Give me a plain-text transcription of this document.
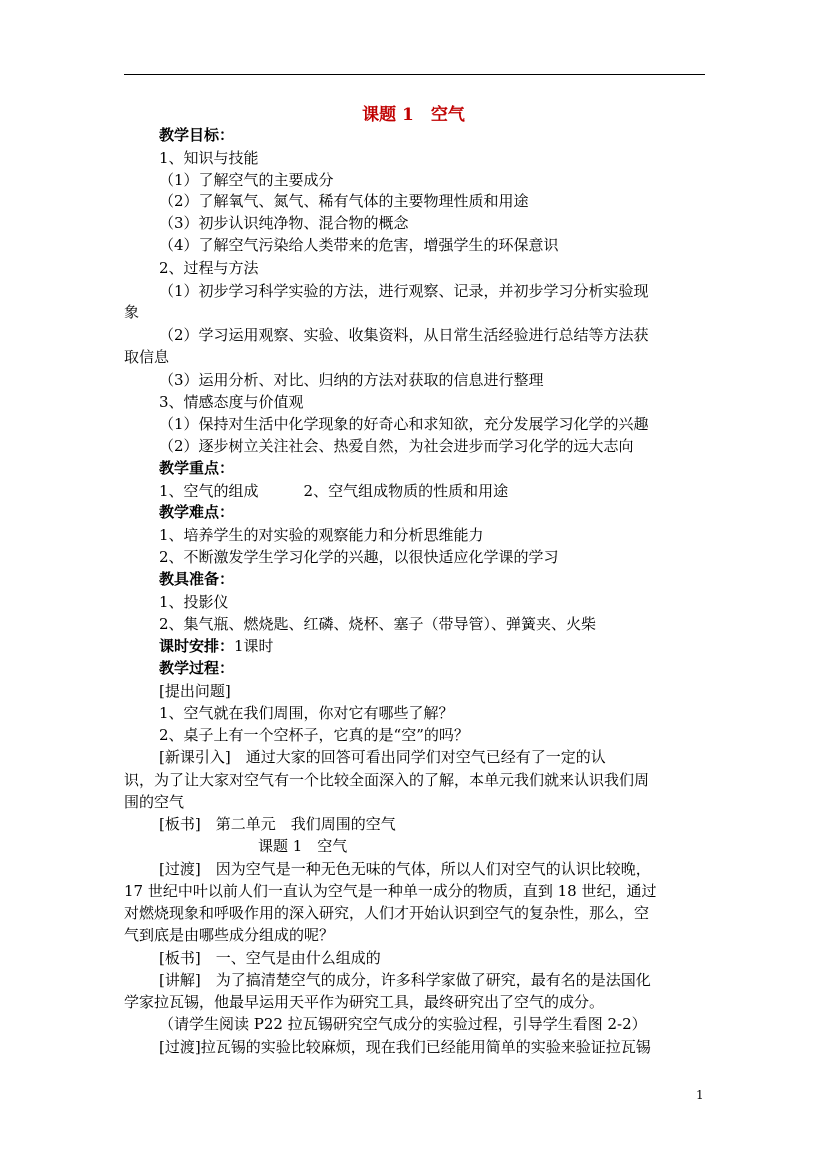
课题 1　空气
教学目标：
1、知识与技能
（1）了解空气的主要成分
（2）了解氧气、氮气、稀有气体的主要物理性质和用途
（3）初步认识纯净物、混合物的概念
（4）了解空气污染给人类带来的危害，增强学生的环保意识
2、过程与方法
（1）初步学习科学实验的方法，进行观察、记录，并初步学习分析实验现
象
（2）学习运用观察、实验、收集资料，从日常生活经验进行总结等方法获
取信息
（3）运用分析、对比、归纳的方法对获取的信息进行整理
3、情感态度与价值观
（1）保持对生活中化学现象的好奇心和求知欲，充分发展学习化学的兴趣
（2）逐步树立关注社会、热爱自然，为社会进步而学习化学的远大志向
教学重点：
1、空气的组成　　　2、空气组成物质的性质和用途
教学难点：
1、培养学生的对实验的观察能力和分析思维能力
2、不断激发学生学习化学的兴趣，以很快适应化学课的学习
教具准备：
1、投影仪
2、集气瓶、燃烧匙、红磷、烧杯、塞子（带导管）、弹簧夹、火柴
课时安排：1课时
教学过程：
[提出问题]
1、空气就在我们周围，你对它有哪些了解？
2、桌子上有一个空杯子，它真的是“空”的吗？
[新课引入]　通过大家的回答可看出同学们对空气已经有了一定的认
识，为了让大家对空气有一个比较全面深入的了解，本单元我们就来认识我们周
围的空气
[板书]　第二单元　我们周围的空气
课题 1　空气
[过渡]　因为空气是一种无色无味的气体，所以人们对空气的认识比较晚，
17 世纪中叶以前人们一直认为空气是一种单一成分的物质，直到 18 世纪，通过
对燃烧现象和呼吸作用的深入研究，人们才开始认识到空气的复杂性，那么，空
气到底是由哪些成分组成的呢？
[板书]　一、空气是由什么组成的
[讲解]　为了搞清楚空气的成分，许多科学家做了研究，最有名的是法国化
学家拉瓦锡，他最早运用天平作为研究工具，最终研究出了空气的成分。
（请学生阅读 P22 拉瓦锡研究空气成分的实验过程，引导学生看图 2-2）
[过渡]拉瓦锡的实验比较麻烦，现在我们已经能用简单的实验来验证拉瓦锡
1
